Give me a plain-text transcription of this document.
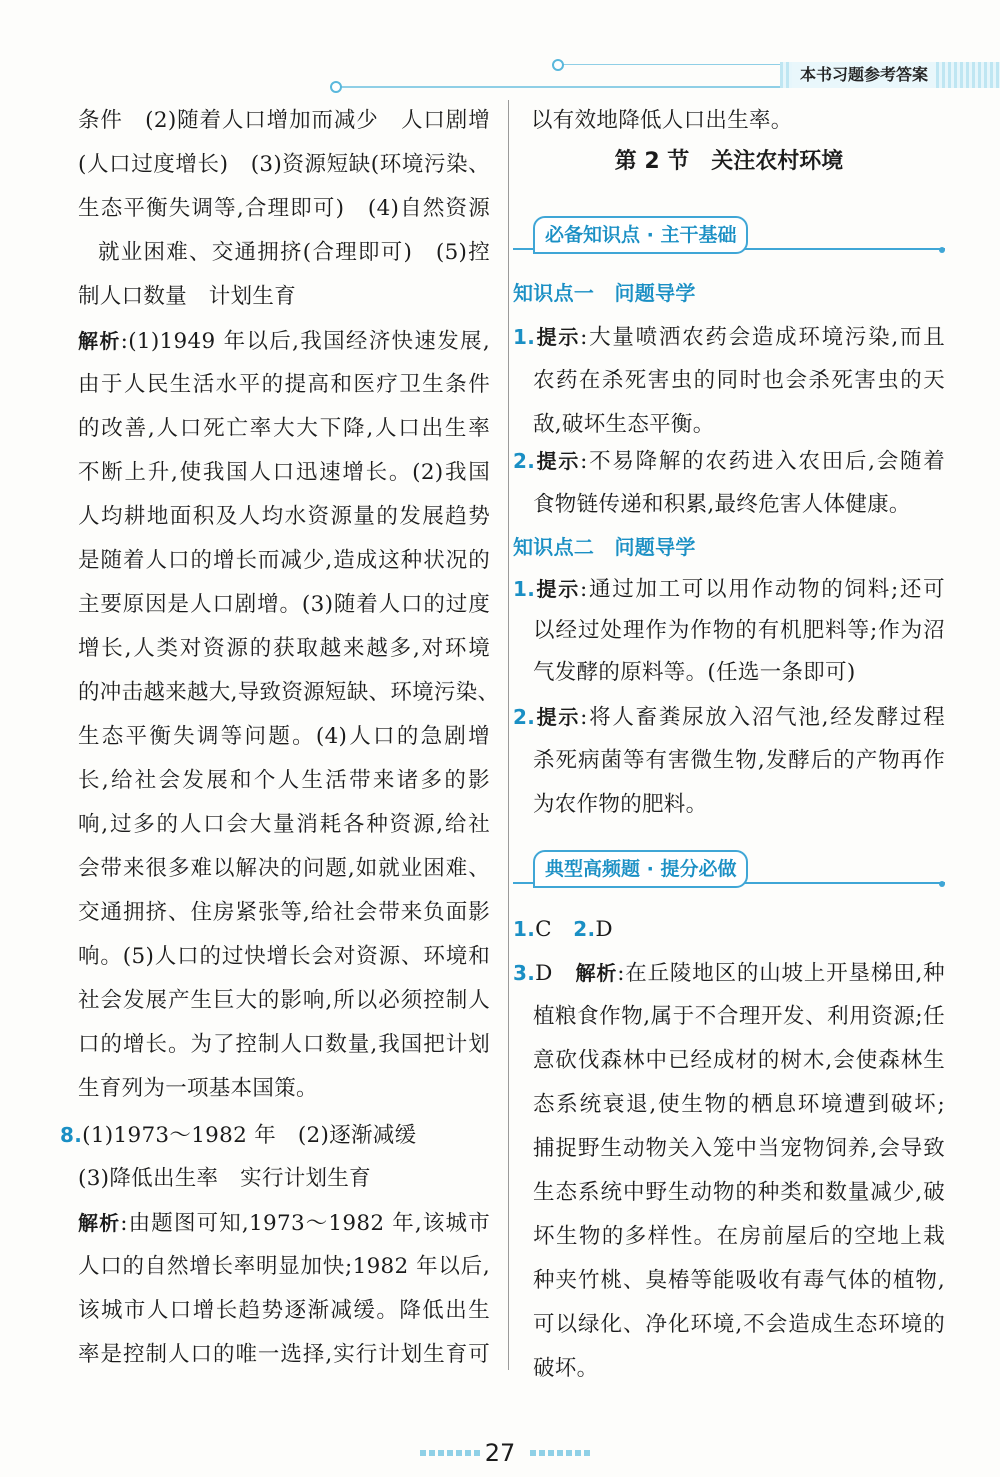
本书习题参考答案
条件　(2)随着人口增加而减少　人口剧增
(人口过度增长)　(3)资源短缺(环境污染、
生态平衡失调等,合理即可)　(4)自然资源
就业困难、交通拥挤(合理即可)　(5)控
制人口数量　计划生育
解析:(1)1949 年以后,我国经济快速发展,
由于人民生活水平的提高和医疗卫生条件
的改善,人口死亡率大大下降,人口出生率
不断上升,使我国人口迅速增长。(2)我国
人均耕地面积及人均水资源量的发展趋势
是随着人口的增长而减少,造成这种状况的
主要原因是人口剧增。(3)随着人口的过度
增长,人类对资源的获取越来越多,对环境
的冲击越来越大,导致资源短缺、环境污染、
生态平衡失调等问题。(4)人口的急剧增
长,给社会发展和个人生活带来诸多的影
响,过多的人口会大量消耗各种资源,给社
会带来很多难以解决的问题,如就业困难、
交通拥挤、住房紧张等,给社会带来负面影
响。(5)人口的过快增长会对资源、环境和
社会发展产生巨大的影响,所以必须控制人
口的增长。为了控制人口数量,我国把计划
生育列为一项基本国策。
8.(1)1973～1982 年　(2)逐渐减缓
(3)降低出生率　实行计划生育
解析:由题图可知,1973～1982 年,该城市
人口的自然增长率明显加快;1982 年以后,
该城市人口增长趋势逐渐减缓。降低出生
率是控制人口的唯一选择,实行计划生育可
以有效地降低人口出生率。
第 2 节　关注农村环境
必备知识点 · 主干基础
知识点一　问题导学
1.提示:大量喷洒农药会造成环境污染,而且
农药在杀死害虫的同时也会杀死害虫的天
敌,破坏生态平衡。
2.提示:不易降解的农药进入农田后,会随着
食物链传递和积累,最终危害人体健康。
知识点二　问题导学
1.提示:通过加工可以用作动物的饲料;还可
以经过处理作为作物的有机肥料等;作为沼
气发酵的原料等。(任选一条即可)
2.提示:将人畜粪尿放入沼气池,经发酵过程
杀死病菌等有害微生物,发酵后的产物再作
为农作物的肥料。
典型高频题 · 提分必做
1.C 2.D
3.D　解析:在丘陵地区的山坡上开垦梯田,种
植粮食作物,属于不合理开发、利用资源;任
意砍伐森林中已经成材的树木,会使森林生
态系统衰退,使生物的栖息环境遭到破坏;
捕捉野生动物关入笼中当宠物饲养,会导致
生态系统中野生动物的种类和数量减少,破
坏生物的多样性。在房前屋后的空地上栽
种夹竹桃、臭椿等能吸收有毒气体的植物,
可以绿化、净化环境,不会造成生态环境的
破坏。
27
